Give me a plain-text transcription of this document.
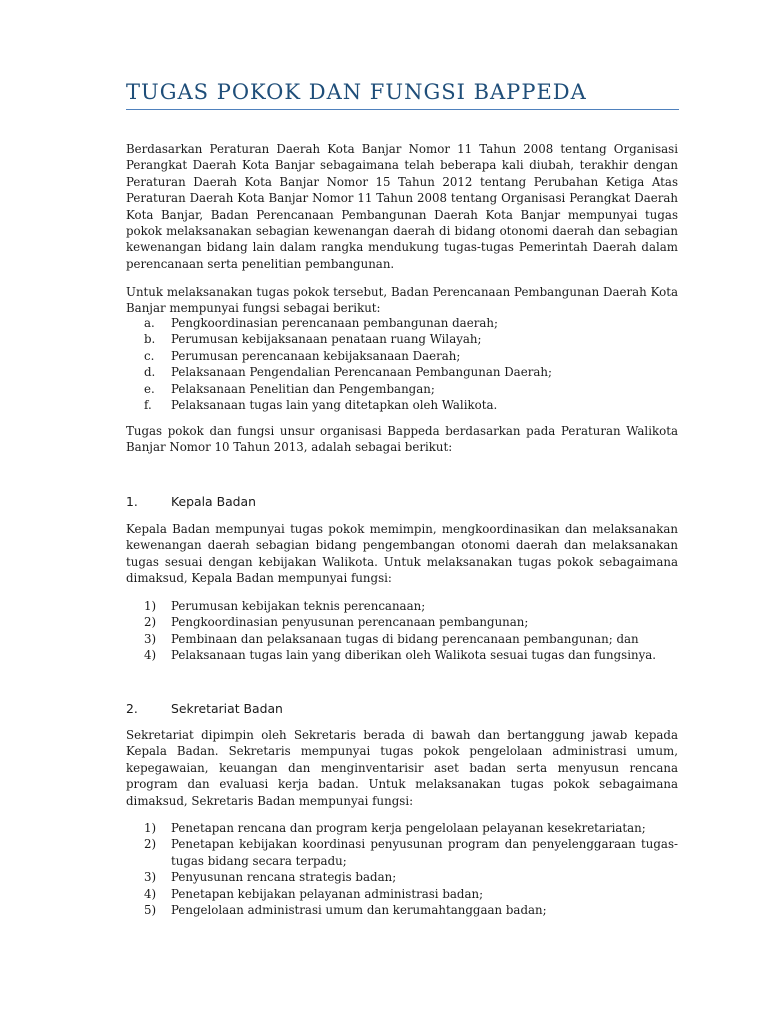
TUGAS POKOK DAN FUNGSI BAPPEDA

Berdasarkan Peraturan Daerah Kota Banjar Nomor 11 Tahun 2008 tentang Organisasi Perangkat Daerah Kota Banjar sebagaimana telah beberapa kali diubah, terakhir dengan Peraturan Daerah Kota Banjar Nomor 15 Tahun 2012 tentang Perubahan Ketiga Atas Peraturan Daerah Kota Banjar Nomor 11 Tahun 2008 tentang Organisasi Perangkat Daerah Kota Banjar, Badan Perencanaan Pembangunan Daerah Kota Banjar mempunyai tugas pokok melaksanakan sebagian kewenangan daerah di bidang otonomi daerah dan sebagian kewenangan bidang lain dalam rangka mendukung tugas-tugas Pemerintah Daerah dalam perencanaan serta penelitian pembangunan.

Untuk melaksanakan tugas pokok tersebut, Badan Perencanaan Pembangunan Daerah Kota Banjar mempunyai fungsi sebagai berikut:

a.	Pengkoordinasian perencanaan pembangunan daerah;
b.	Perumusan kebijaksanaan penataan ruang Wilayah;
c.	Perumusan perencanaan kebijaksanaan Daerah;
d.	Pelaksanaan Pengendalian Perencanaan Pembangunan Daerah;
e.	Pelaksanaan Penelitian dan Pengembangan;
f.	Pelaksanaan tugas lain yang ditetapkan oleh Walikota.

Tugas pokok dan fungsi unsur organisasi Bappeda berdasarkan pada Peraturan Walikota Banjar Nomor 10 Tahun 2013, adalah sebagai berikut:

1.	Kepala Badan

Kepala Badan mempunyai tugas pokok memimpin, mengkoordinasikan dan melaksanakan kewenangan daerah sebagian bidang pengembangan otonomi daerah dan melaksanakan tugas sesuai dengan kebijakan Walikota. Untuk melaksanakan tugas pokok sebagaimana dimaksud, Kepala Badan mempunyai fungsi:

1)	Perumusan kebijakan teknis perencanaan;
2)	Pengkoordinasian penyusunan perencanaan pembangunan;
3)	Pembinaan dan pelaksanaan tugas di bidang perencanaan pembangunan; dan
4)	Pelaksanaan tugas lain yang diberikan oleh Walikota sesuai tugas dan fungsinya.
2.	Sekretariat Badan

Sekretariat dipimpin oleh Sekretaris berada di bawah dan bertanggung jawab kepada Kepala Badan. Sekretaris mempunyai tugas pokok pengelolaan administrasi umum, kepegawaian, keuangan dan menginventarisir aset badan serta menyusun rencana program dan evaluasi kerja badan. Untuk melaksanakan tugas pokok sebagaimana dimaksud, Sekretaris Badan mempunyai fungsi:

1)	Penetapan rencana dan program kerja pengelolaan pelayanan kesekretariatan;
2)	Penetapan kebijakan koordinasi penyusunan program dan penyelenggaraan tugas-tugas bidang secara terpadu;
3)	Penyusunan rencana strategis badan;
4)	Penetapan kebijakan pelayanan administrasi badan;
5)	Pengelolaan administrasi umum dan kerumahtanggaan badan;
